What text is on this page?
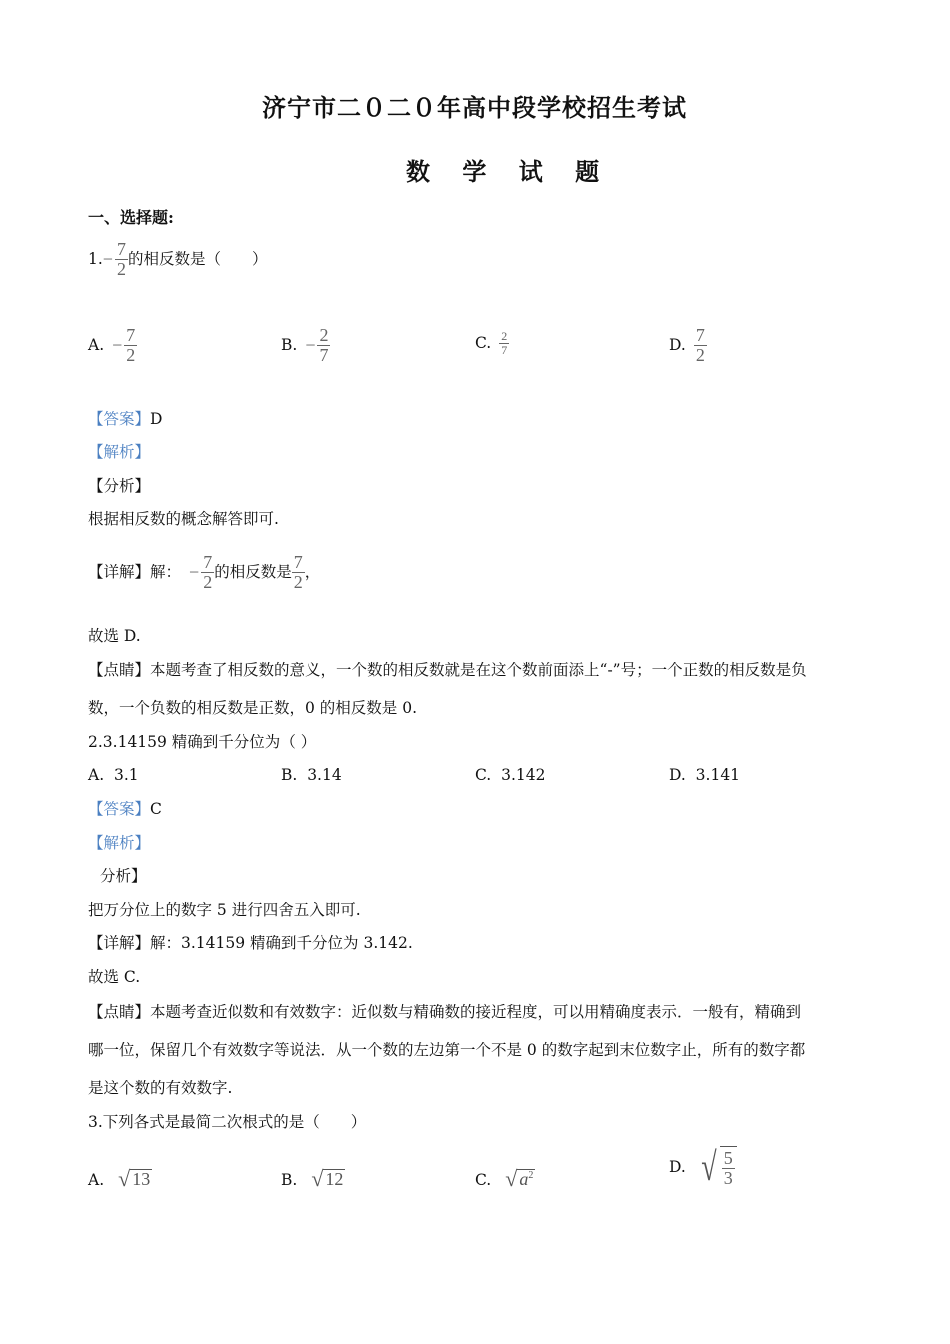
济宁市二０二０年高中段学校招生考试
数 学 试 题
一、选择题:
1. − $\frac{7}{2}$ 的相反数是（　　）
A. − $\frac{7}{2}$	B. − $\frac{2}{7}$	C. $\frac{2}{7}$	D. $\frac{7}{2}$
【答案】D
【解析】
【分析】
根据相反数的概念解答即可.
【详解】 解： − $\frac{7}{2}$ 的相反数是 $\frac{7}{2}$ ，
故选 D.
【点睛】本题考查了相反数的意义，一个数的相反数就是在这个数前面添上“-”号；一个正数的相反数是负
数，一个负数的相反数是正数，0 的相反数是 0.
2.3.14159 精确到千分位为（ ）
A. 3.1	B. 3.14	C. 3.142	D. 3.141
【答案】C
【解析】
分析】
把万分位上的数字 5 进行四舍五入即可.
【详解】解：3.14159 精确到千分位为 3.142.
故选 C.
【点睛】本题考查近似数和有效数字：近似数与精确数的接近程度，可以用精确度表示．一般有，精确到
哪一位，保留几个有效数字等说法．从一个数的左边第一个不是 0 的数字起到末位数字止，所有的数字都
是这个数的有效数字.
3.下列各式是最简二次根式的是（　　）
A. √ 13	B. √ 12	C. √ $a^2$	D. √ $\frac{5}{3}$
